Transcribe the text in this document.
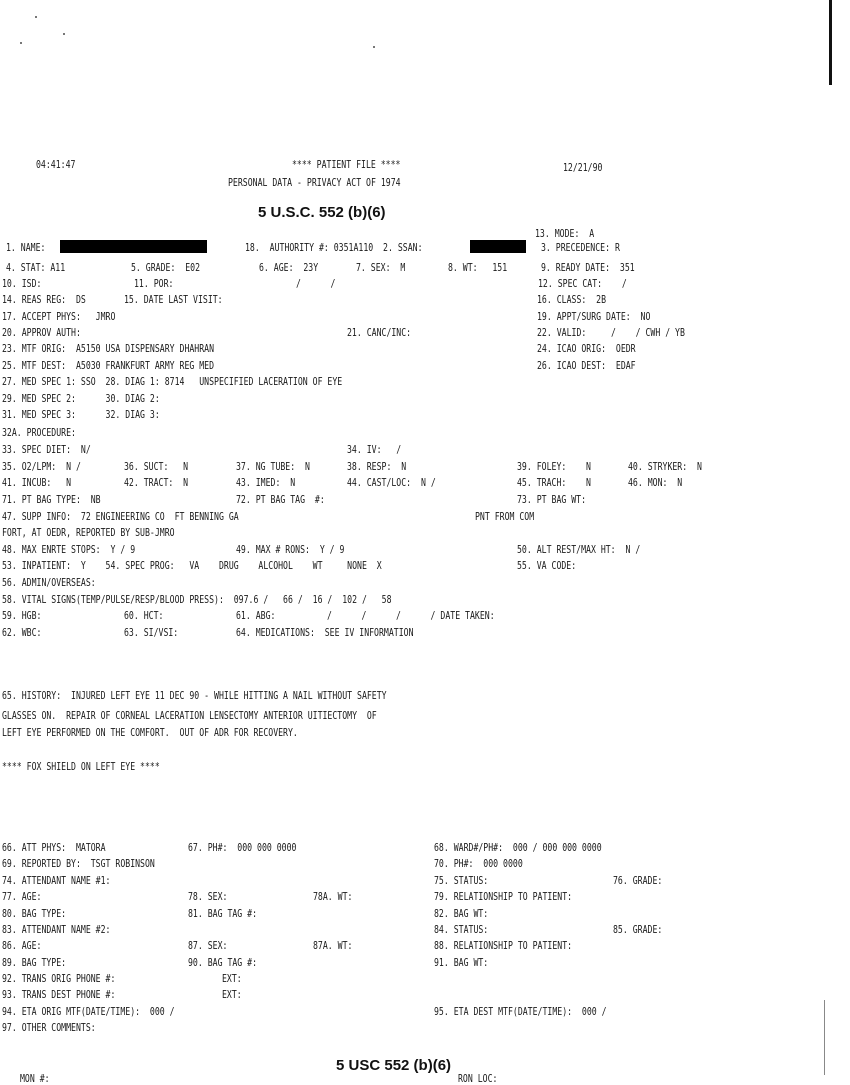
04:41:47	**** PATIENT FILE ****	12/21/90
PERSONAL DATA - PRIVACY ACT OF 1974
5 U.S.C. 552 (b)(6)
13. MODE:  A
1. NAME:	18.  AUTHORITY #: 0351A110  2. SSAN:	3. PRECEDENCE: R
4. STAT: A11	5. GRADE:  E02	6. AGE:  23Y	7. SEX:  M	8. WT:   151	9. READY DATE:  351
10. ISD:	11. POR:	/      /	12. SPEC CAT:    /
14. REAS REG:  DS	15. DATE LAST VISIT:	16. CLASS:  2B
17. ACCEPT PHYS:   JMRO	19. APPT/SURG DATE:  NO
20. APPROV AUTH:	21. CANC/INC:	22. VALID:     /    / CWH / YB
23. MTF ORIG:  A5150 USA DISPENSARY DHAHRAN	24. ICAO ORIG:  OEDR
25. MTF DEST:  A5030 FRANKFURT ARMY REG MED	26. ICAO DEST:  EDAF
27. MED SPEC 1: SSO  28. DIAG 1: 8714   UNSPECIFIED LACERATION OF EYE
29. MED SPEC 2:      30. DIAG 2:
31. MED SPEC 3:      32. DIAG 3:
32A. PROCEDURE:
33. SPEC DIET:  N/	34. IV:   /
35. O2/LPM:  N /	36. SUCT:   N	37. NG TUBE:  N	38. RESP:  N	39. FOLEY:    N	40. STRYKER:  N
41. INCUB:   N	42. TRACT:  N	43. IMED:  N	44. CAST/LOC:  N /	45. TRACH:    N	46. MON:  N
71. PT BAG TYPE:  NB	72. PT BAG TAG  #:	73. PT BAG WT:
47. SUPP INFO:  72 ENGINEERING CO  FT BENNING GA	PNT FROM COM
FORT, AT OEDR, REPORTED BY SUB-JMRO
48. MAX ENRTE STOPS:  Y / 9	49. MAX # RONS:  Y / 9	50. ALT REST/MAX HT:  N /
53. INPATIENT:  Y    54. SPEC PROG:   VA    DRUG    ALCOHOL    WT     NONE  X	55. VA CODE:
56. ADMIN/OVERSEAS:
58. VITAL SIGNS(TEMP/PULSE/RESP/BLOOD PRESS):  097.6 /   66 /  16 /  102 /   58
59. HGB:	60. HCT:	61. ABG:	/      /      /      / DATE TAKEN:
62. WBC:	63. SI/VSI:	64. MEDICATIONS:  SEE IV INFORMATION
65. HISTORY:  INJURED LEFT EYE 11 DEC 90 - WHILE HITTING A NAIL WITHOUT SAFETY
GLASSES ON.  REPAIR OF CORNEAL LACERATION LENSECTOMY ANTERIOR UITIECTOMY  OF
LEFT EYE PERFORMED ON THE COMFORT.  OUT OF ADR FOR RECOVERY.
**** FOX SHIELD ON LEFT EYE ****
66. ATT PHYS:  MATORA	67. PH#:  000 000 0000	68. WARD#/PH#:  000 / 000 000 0000
69. REPORTED BY:  TSGT ROBINSON	70. PH#:  000 0000
74. ATTENDANT NAME #1:	75. STATUS:	76. GRADE:
77. AGE:	78. SEX:	78A. WT:	79. RELATIONSHIP TO PATIENT:
80. BAG TYPE:	81. BAG TAG #:	82. BAG WT:
83. ATTENDANT NAME #2:	84. STATUS:	85. GRADE:
86. AGE:	87. SEX:	87A. WT:	88. RELATIONSHIP TO PATIENT:
89. BAG TYPE:	90. BAG TAG #:	91. BAG WT:
92. TRANS ORIG PHONE #:	EXT:
93. TRANS DEST PHONE #:	EXT:
94. ETA ORIG MTF(DATE/TIME):  000 /	95. ETA DEST MTF(DATE/TIME):  000 /
97. OTHER COMMENTS:
MON #:
5 USC 552 (b)(6)
RON LOC:
